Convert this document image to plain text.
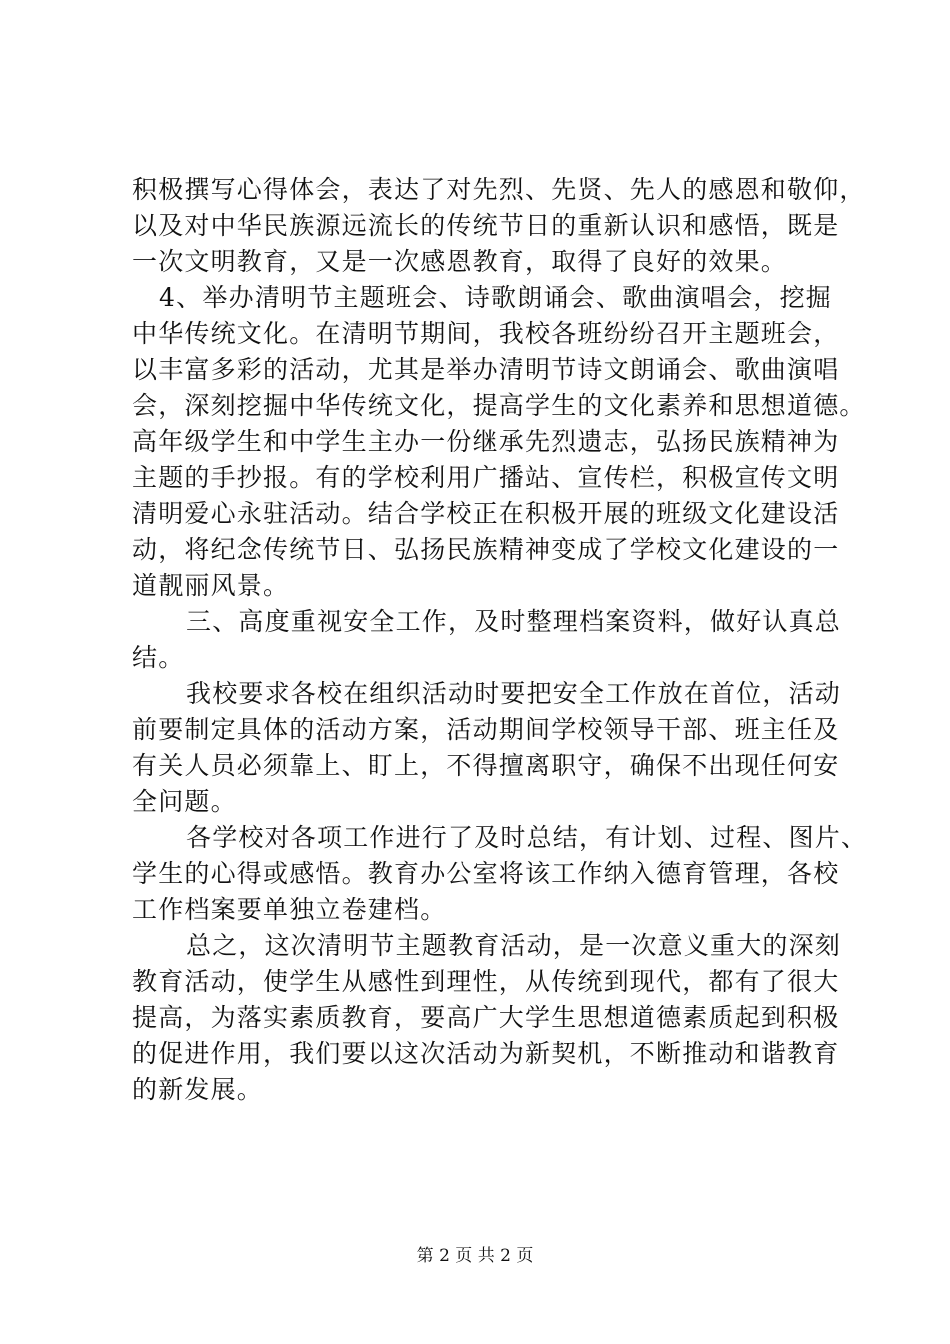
积极撰写心得体会，表达了对先烈、先贤、先人的感恩和敬仰，
以及对中华民族源远流长的传统节日的重新认识和感悟，既是
一次文明教育，又是一次感恩教育，取得了良好的效果。
4、举办清明节主题班会、诗歌朗诵会、歌曲演唱会，挖掘
中华传统文化。在清明节期间，我校各班纷纷召开主题班会，
以丰富多彩的活动，尤其是举办清明节诗文朗诵会、歌曲演唱
会，深刻挖掘中华传统文化，提高学生的文化素养和思想道德。
高年级学生和中学生主办一份继承先烈遗志，弘扬民族精神为
主题的手抄报。有的学校利用广播站、宣传栏，积极宣传文明
清明爱心永驻活动。结合学校正在积极开展的班级文化建设活
动，将纪念传统节日、弘扬民族精神变成了学校文化建设的一
道靓丽风景。
三、高度重视安全工作，及时整理档案资料，做好认真总
结。
我校要求各校在组织活动时要把安全工作放在首位，活动
前要制定具体的活动方案，活动期间学校领导干部、班主任及
有关人员必须靠上、盯上，不得擅离职守，确保不出现任何安
全问题。
各学校对各项工作进行了及时总结，有计划、过程、图片、
学生的心得或感悟。教育办公室将该工作纳入德育管理，各校
工作档案要单独立卷建档。
总之，这次清明节主题教育活动，是一次意义重大的深刻
教育活动，使学生从感性到理性，从传统到现代，都有了很大
提高，为落实素质教育，要高广大学生思想道德素质起到积极
的促进作用，我们要以这次活动为新契机，不断推动和谐教育
的新发展。
第 2 页 共 2 页
